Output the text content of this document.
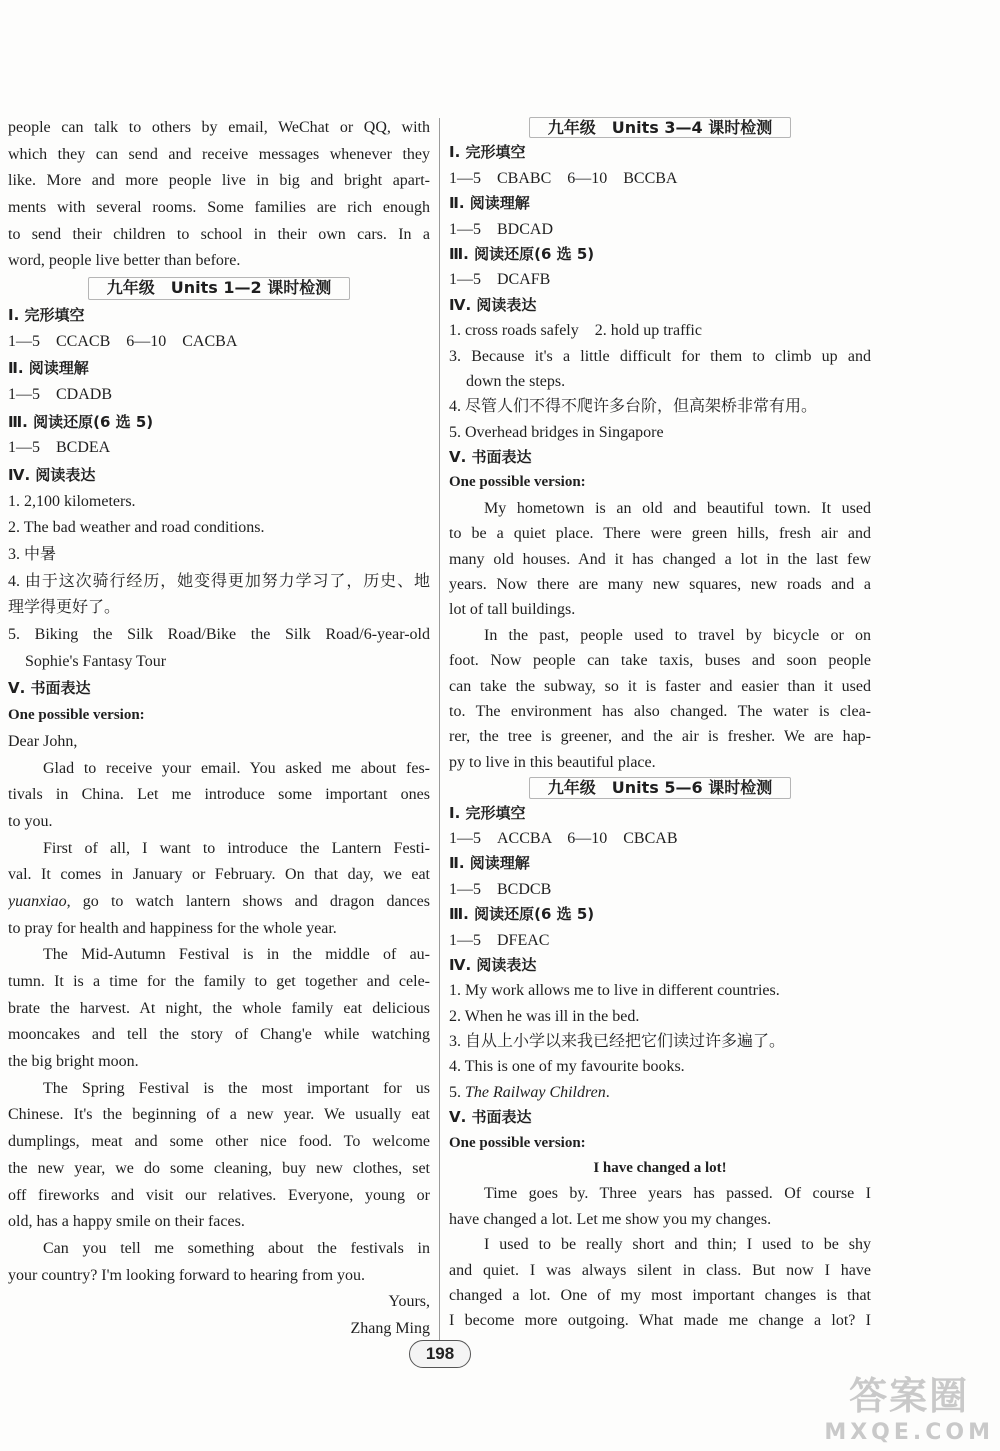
people can talk to others by email, WeChat or QQ, with
which they can send and receive messages whenever they
like. More and more people live in big and bright apart-
ments with several rooms. Some families are rich enough
to send their children to school in their own cars. In a
word, people live better than before.
九年级　Units 1—2 课时检测
Ⅰ. 完形填空
1—5　CCACB　6—10　CACBA
Ⅱ. 阅读理解
1—5　CDADB
Ⅲ. 阅读还原(6 选 5)
1—5　BCDEA
Ⅳ. 阅读表达
1. 2,100 kilometers.
2. The bad weather and road conditions.
3. 中暑
4. 由于这次骑行经历，她变得更加努力学习了，历史、地
理学得更好了。
5. Biking the Silk Road/Bike the Silk Road/6-year-old
Sophie's Fantasy Tour
Ⅴ. 书面表达
One possible version:
Dear John,
Glad to receive your email. You asked me about fes-
tivals in China. Let me introduce some important ones
to you.
First of all, I want to introduce the Lantern Festi-
val. It comes in January or February. On that day, we eat
yuanxiao, go to watch lantern shows and dragon dances
to pray for health and happiness for the whole year.
The Mid-Autumn Festival is in the middle of au-
tumn. It is a time for the family to get together and cele-
brate the harvest. At night, the whole family eat delicious
mooncakes and tell the story of Chang'e while watching
the big bright moon.
The Spring Festival is the most important for us
Chinese. It's the beginning of a new year. We usually eat
dumplings, meat and some other nice food. To welcome
the new year, we do some cleaning, buy new clothes, set
off fireworks and visit our relatives. Everyone, young or
old, has a happy smile on their faces.
Can you tell me something about the festivals in
your country? I'm looking forward to hearing from you.
Yours,
Zhang Ming
九年级　Units 3—4 课时检测
Ⅰ. 完形填空
1—5　CBABC　6—10　BCCBA
Ⅱ. 阅读理解
1—5　BDCAD
Ⅲ. 阅读还原(6 选 5)
1—5　DCAFB
Ⅳ. 阅读表达
1. cross roads safely　2. hold up traffic
3. Because it's a little difficult for them to climb up and
down the steps.
4. 尽管人们不得不爬许多台阶，但高架桥非常有用。
5. Overhead bridges in Singapore
Ⅴ. 书面表达
One possible version:
My hometown is an old and beautiful town. It used
to be a quiet place. There were green hills, fresh air and
many old houses. And it has changed a lot in the last few
years. Now there are many new squares, new roads and a
lot of tall buildings.
In the past, people used to travel by bicycle or on
foot. Now people can take taxis, buses and soon people
can take the subway, so it is faster and easier than it used
to. The environment has also changed. The water is clea-
rer, the tree is greener, and the air is fresher. We are hap-
py to live in this beautiful place.
九年级　Units 5—6 课时检测
Ⅰ. 完形填空
1—5　ACCBA　6—10　CBCAB
Ⅱ. 阅读理解
1—5　BCDCB
Ⅲ. 阅读还原(6 选 5)
1—5　DFEAC
Ⅳ. 阅读表达
1. My work allows me to live in different countries.
2. When he was ill in the bed.
3. 自从上小学以来我已经把它们读过许多遍了。
4. This is one of my favourite books.
5. The Railway Children.
Ⅴ. 书面表达
One possible version:
I have changed a lot!
Time goes by. Three years has passed. Of course I
have changed a lot. Let me show you my changes.
I used to be really short and thin; I used to be shy
and quiet. I was always silent in class. But now I have
changed a lot. One of my most important changes is that
I become more outgoing. What made me change a lot? I
198
答案圈
MXQE.COM
